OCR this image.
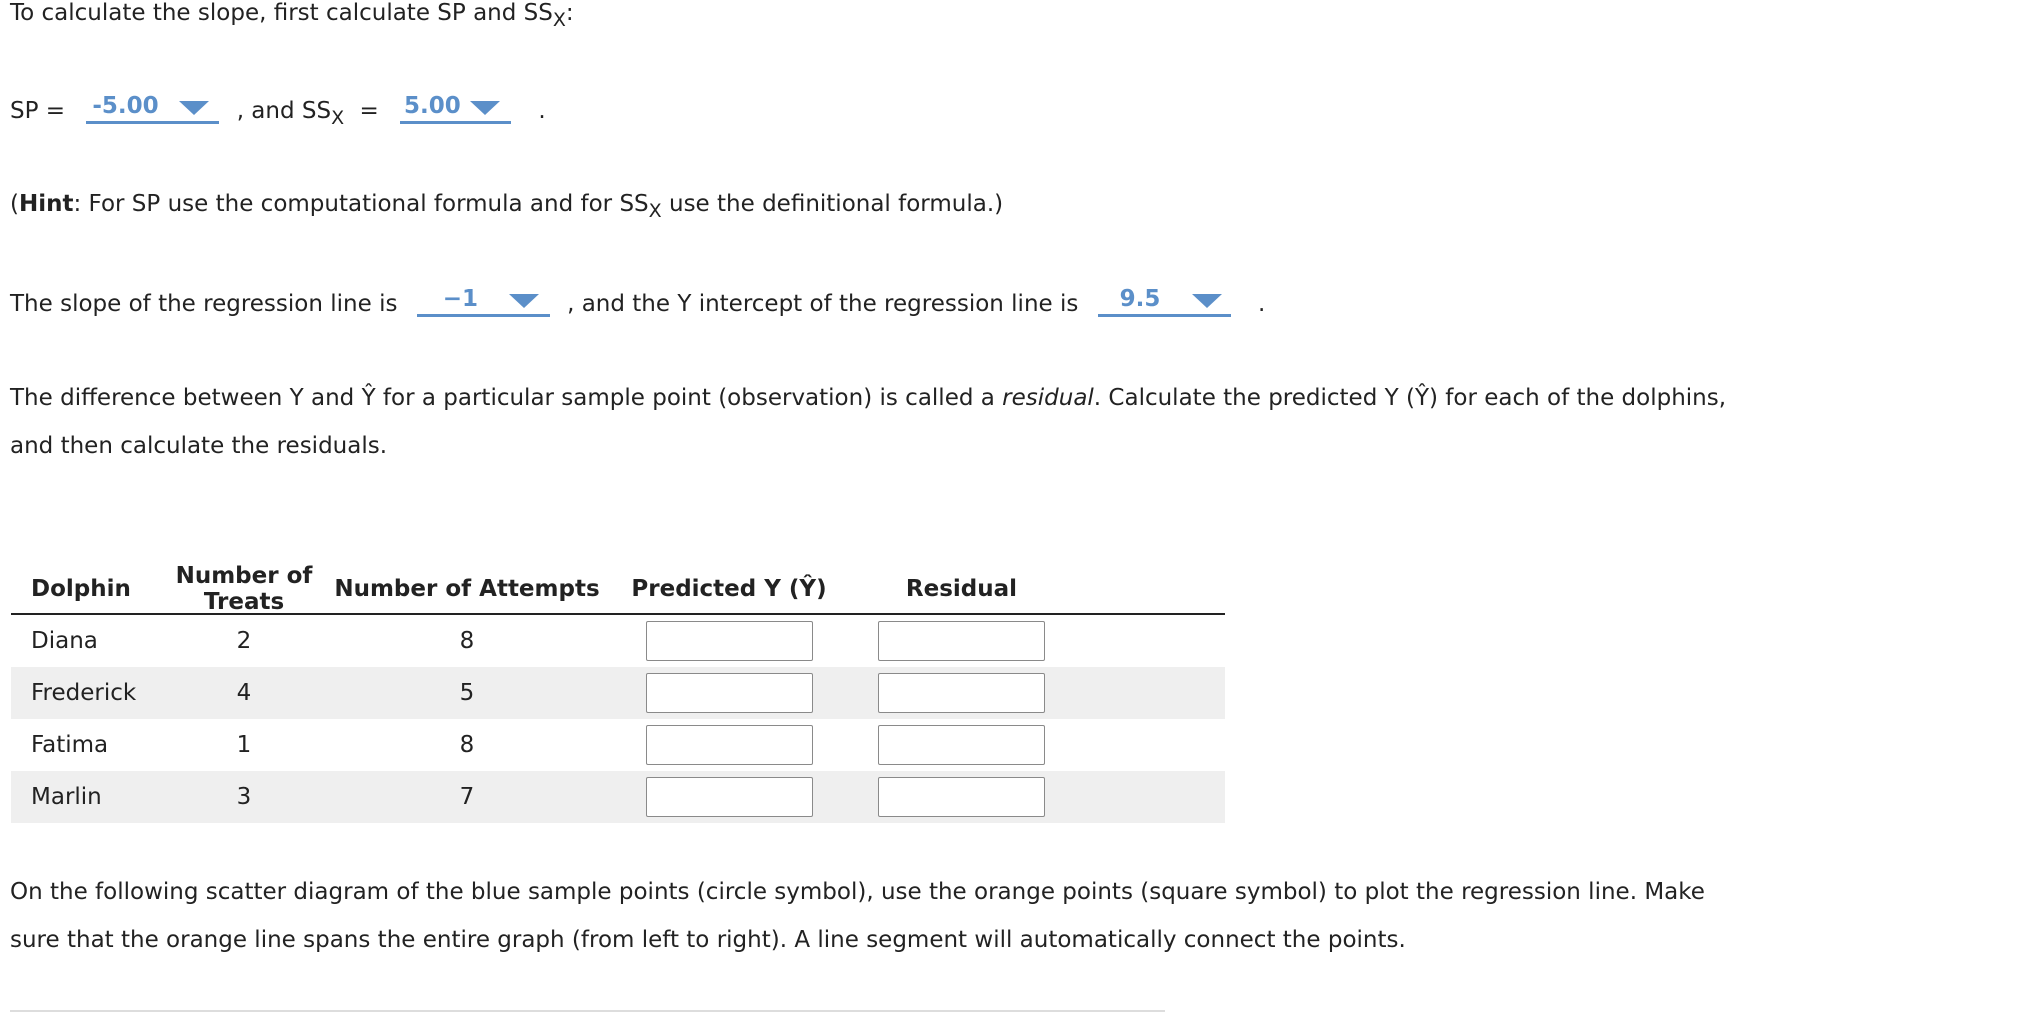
To calculate the slope, first calculate SP and $SS_X$:
SP = -5.00	, and $SS_X = 5.00$	.
(Hint: For SP use the computational formula and for $SS_X$ use the definitional formula.)
The slope of the regression line is −1	, and the Y intercept of the regression line is 9.5	.
The difference between Y and Ŷ for a particular sample point (observation) is called a residual. Calculate the predicted Y (Ŷ) for each of the dolphins,
and then calculate the residuals.
Dolphin	Number of Treats	Number of Attempts	Predicted Y (Ŷ)	Residual
Diana	2	8
Frederick	4	5
Fatima	1	8
Marlin	3	7
On the following scatter diagram of the blue sample points (circle symbol), use the orange points (square symbol) to plot the regression line. Make
sure that the orange line spans the entire graph (from left to right). A line segment will automatically connect the points.
